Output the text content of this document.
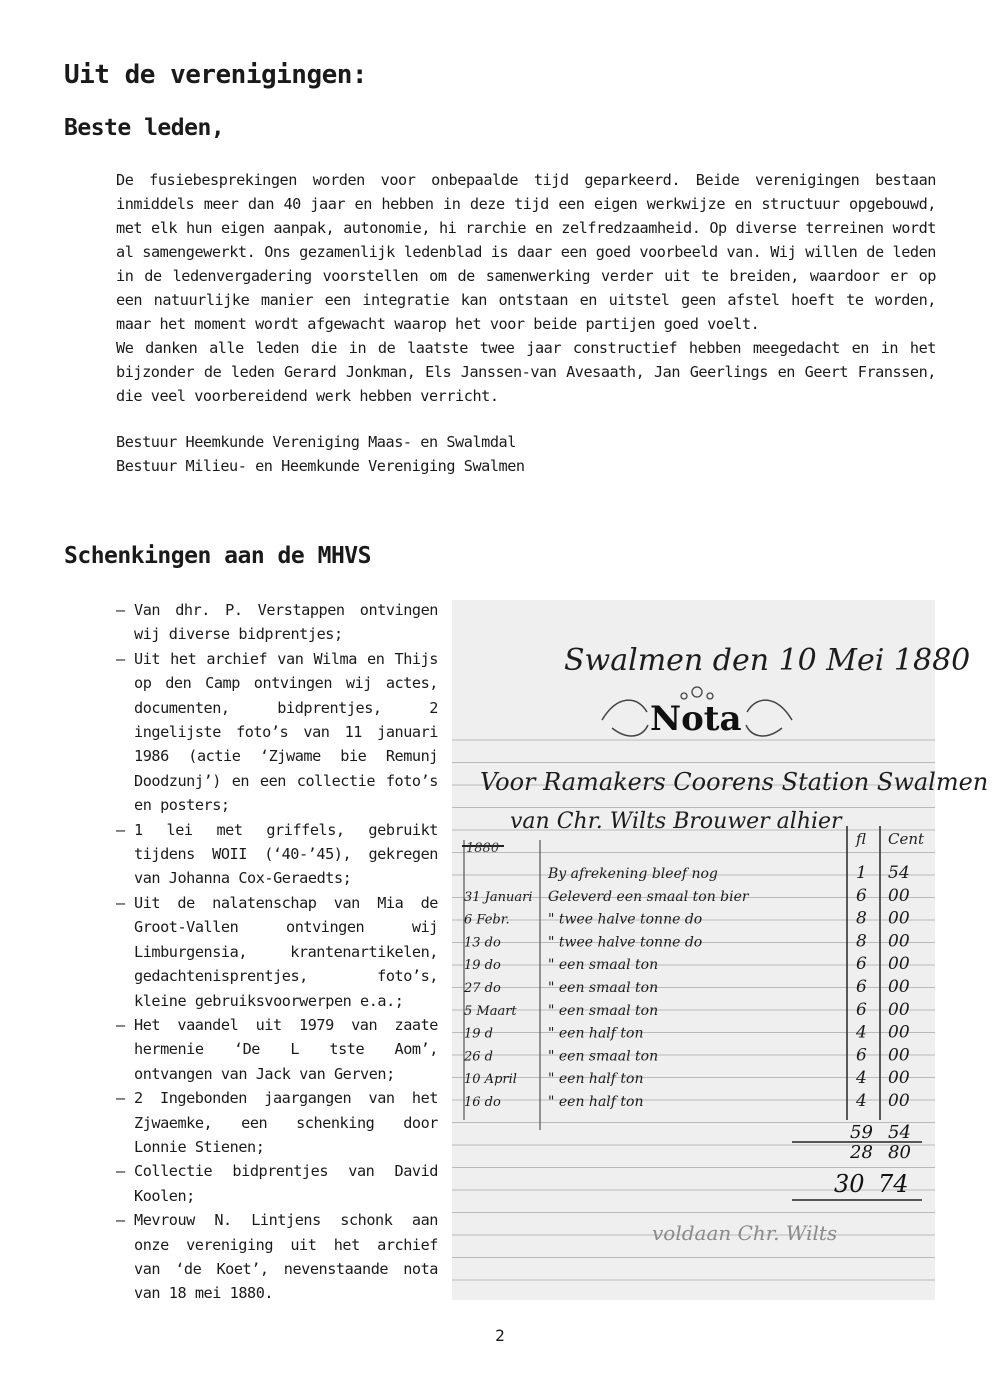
Uit de verenigingen:
Beste leden,

De fusiebesprekingen worden voor onbepaalde tijd geparkeerd. Beide verenigingen bestaan inmiddels meer dan 40 jaar en hebben in deze tijd een eigen werkwijze en structuur opgebouwd, met elk hun eigen aanpak, autonomie, hi rarchie en zelfredzaamheid. Op diverse terreinen wordt al samengewerkt. Ons gezamenlijk ledenblad is daar een goed voorbeeld van. Wij willen de leden in de ledenvergadering voorstellen om de samenwerking verder uit te breiden, waardoor er op een natuurlijke manier een integratie kan ontstaan en uitstel geen afstel hoeft te worden, maar het moment wordt afgewacht waarop het voor beide partijen goed voelt.

We danken alle leden die in de laatste twee jaar constructief hebben meegedacht en in het bijzonder de leden Gerard Jonkman, Els Janssen-van Avesaath, Jan Geerlings en Geert Franssen, die veel voorbereidend werk hebben verricht.

Bestuur Heemkunde Vereniging Maas- en Swalmdal
Bestuur Milieu- en Heemkunde Vereniging Swalmen
Schenkingen aan de MHVS
– Van dhr. P. Verstappen ontvingen wij diverse bidprentjes;
– Uit het archief van Wilma en Thijs op den Camp ontvingen wij actes, documenten, bidprentjes, 2 ingelijste foto’s van 11 januari 1986 (actie ‘Zjwame bie Remunj Doodzunj’) en een collectie foto’s en posters;
– 1 lei met griffels, gebruikt tijdens WOII (‘40-’45), gekregen van Johanna Cox-Geraedts;
– Uit de nalatenschap van Mia de Groot-Vallen ontvingen wij Limburgensia, krantenartikelen, gedachtenisprentjes, foto’s, kleine gebruiksvoorwerpen e.a.;
– Het vaandel uit 1979 van zaate hermenie ‘De L tste Aom’, ontvangen van Jack van Gerven;
– 2 Ingebonden jaargangen van het Zjwaemke, een schenking door Lonnie Stienen;
– Collectie bidprentjes van David Koolen;
– Mevrouw N. Lintjens schonk aan onze vereniging uit het archief van ‘de Koet’, nevenstaande nota van 18 mei 1880.
Swalmen den 10 Mei 1880
Nota
Voor Ramakers Coorens Station Swalmen
van Chr. Wilts Brouwer alhier
1880
fl Cent
By afrekening bleef nog	1 54
31 Januari Geleverd een smaal ton bier	6 00
6 Febr.	" twee halve tonne do	8 00
13 do	" twee halve tonne do	8 00
19 do	" een smaal ton	6 00
27 do	" een smaal ton	6 00
5 Maart " een smaal ton	6 00
19 d	" een half ton	4 00
26 d	" een smaal ton	6 00
10 April " een half ton	4 00
16 do	" een half ton	4 00
59 54
28 80
30 74
voldaan Chr. Wilts
2
